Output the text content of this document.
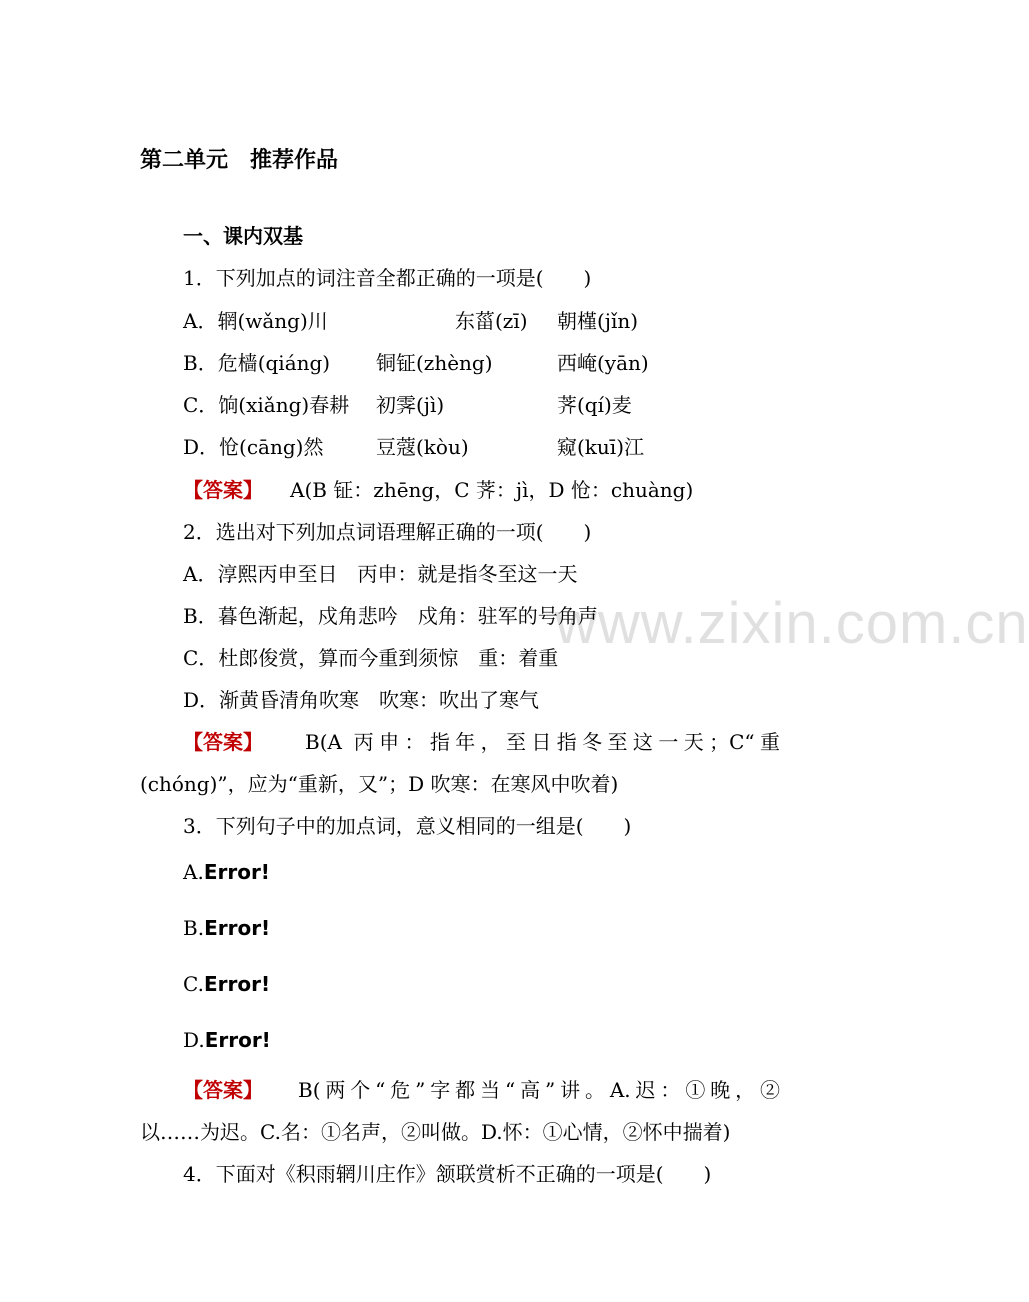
www.zixin.com.cn
第二单元　推荐作品
一、课内双基
1．下列加点的词注音全都正确的一项是(　　)
A．辋(wǎng)川	东菑(zī) 朝槿(jǐn)
B．危樯(qiáng) 铜钲(zhèng)	西崦(yān)
C．饷(xiǎng)春耕 初霁(jì)	荠(qí)麦
D．怆(cāng)然	豆蔻(kòu)	窥(kuī)江
【答案】 A(B 钲：zhēng，C 荠：jì，D 怆：chuàng)
2．选出对下列加点词语理解正确的一项(　　)
A．淳熙丙申至日　丙申：就是指冬至这一天
B．暮色渐起，戍角悲吟　戍角：驻军的号角声
C．杜郎俊赏，算而今重到须惊　重：着重
D．渐黄昏清角吹寒　吹寒：吹出了寒气
【答案】 B(A 丙申：指年，至日指冬至这一天；C“重
(chóng)”，应为“重新，又”；D 吹寒：在寒风中吹着)
3．下列句子中的加点词，意义相同的一组是(　　)
A.Error!
B.Error!
C.Error!
D.Error!
【答案】 B(两个“危”字都当“高”讲。A.迟：①晚，②
以……为迟。C.名：①名声，②叫做。D.怀：①心情，②怀中揣着)
4．下面对《积雨辋川庄作》颔联赏析不正确的一项是(　　)
